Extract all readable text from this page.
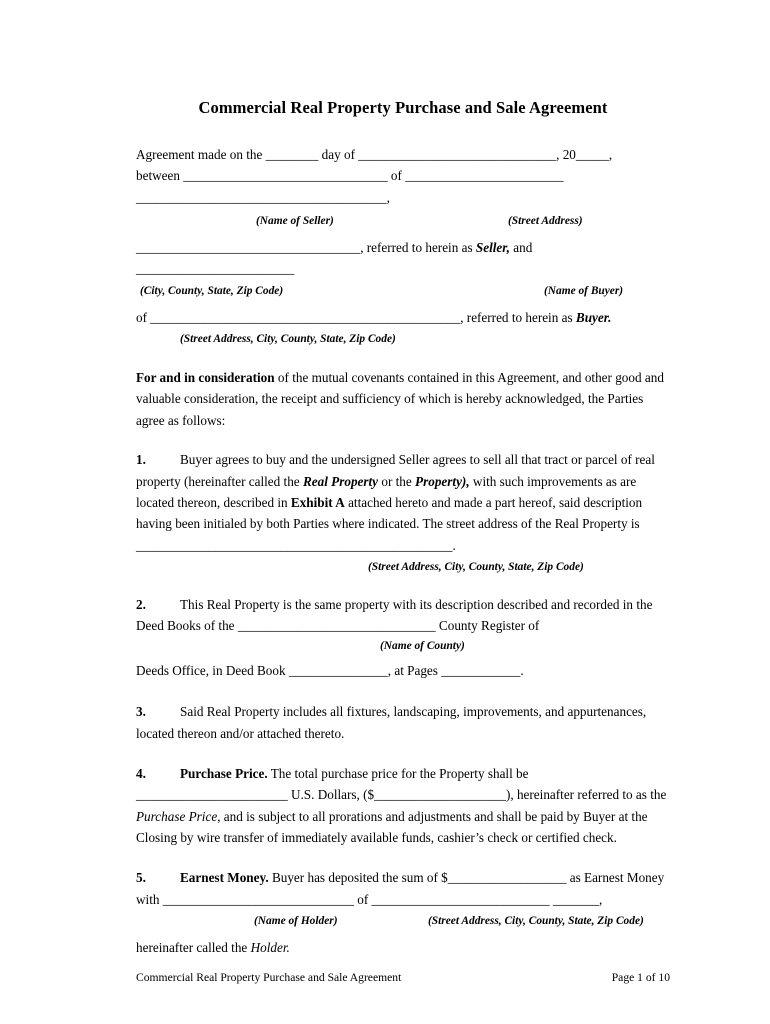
Commercial Real Property Purchase and Sale Agreement

Agreement made on the ________ day of ______________________________, 20_____,

between _______________________________ of ________________________

______________________________________,

(Name of Seller)	(Street Address)

__________________________________, referred to herein as Seller, and ________________________

(City, County, State, Zip Code)	(Name of Buyer)

of _______________________________________________, referred to herein as Buyer.

(Street Address, City, County, State, Zip Code)

For and in consideration of the mutual covenants contained in this Agreement, and other good and valuable consideration, the receipt and sufficiency of which is hereby acknowledged, the Parties agree as follows:

1.	Buyer agrees to buy and the undersigned Seller agrees to sell all that tract or parcel of real property (hereinafter called the Real Property or the Property), with such improvements as are located thereon, described in Exhibit A attached hereto and made a part hereof, said description having been initialed by both Parties where indicated. The street address of the Real Property is ________________________________________________.

(Street Address, City, County, State, Zip Code)

2.	This Real Property is the same property with its description described and recorded in the Deed Books of the ______________________________ County Register of

(Name of County)

Deeds Office, in Deed Book _______________, at Pages ____________.

3.	Said Real Property includes all fixtures, landscaping, improvements, and appurtenances, located thereon and/or attached thereto.

4.	Purchase Price. The total purchase price for the Property shall be _______________________ U.S. Dollars, ($____________________), hereinafter referred to as the Purchase Price, and is subject to all prorations and adjustments and shall be paid by Buyer at the Closing by wire transfer of immediately available funds, cashier’s check or certified check.

5.	Earnest Money. Buyer has deposited the sum of $__________________ as Earnest Money with _____________________________ of ___________________________ _______,

(Name of Holder)	(Street Address, City, County, State, Zip Code)

hereinafter called the Holder.

Commercial Real Property Purchase and Sale Agreement	Page 1 of 10
